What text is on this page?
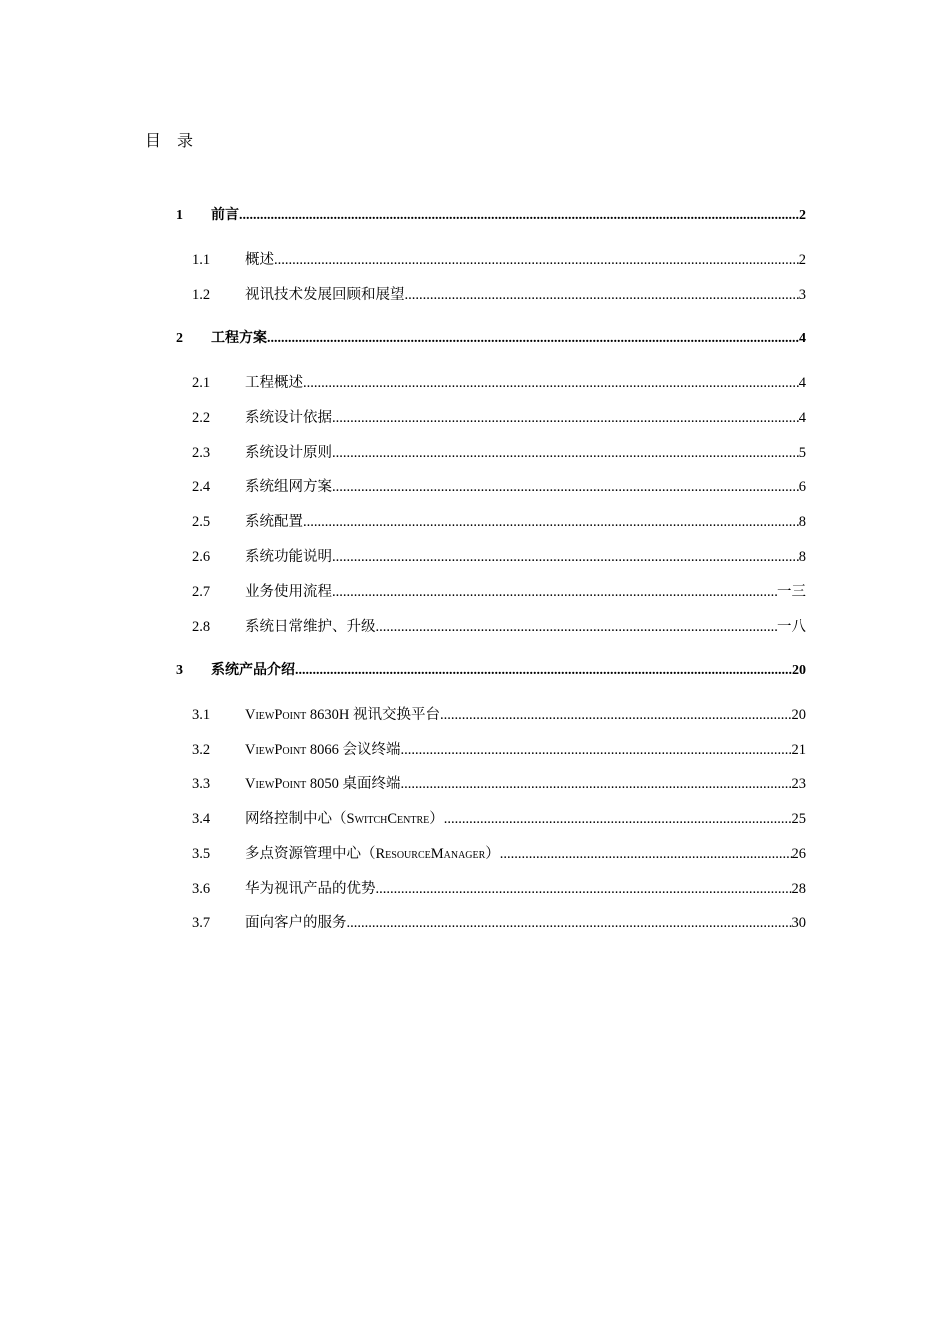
目 录
1 前言 .....	2
1.1 概述 .....	2
1.2 视讯技术发展回顾和展望 .....	3
2 工程方案 .....	4
2.1 工程概述 .....	4
2.2 系统设计依据 .....	4
2.3 系统设计原则 .....	5
2.4 系统组网方案 .....	6
2.5 系统配置 .....	8
2.6 系统功能说明 .....	8
2.7 业务使用流程 .....	一三
2.8 系统日常维护、升级 .....	一八
3 系统产品介绍 .....	20
3.1 ViewPoint 8630H 视讯交换平台 .....	20
3.2 ViewPoint 8066 会议终端 .....	21
3.3 ViewPoint 8050 桌面终端 .....	23
3.4 网络控制中心（SwitchCentre） .....	25
3.5 多点资源管理中心（ResourceManager） .....	26
3.6 华为视讯产品的优势 .....	28
3.7 面向客户的服务 .....	30
